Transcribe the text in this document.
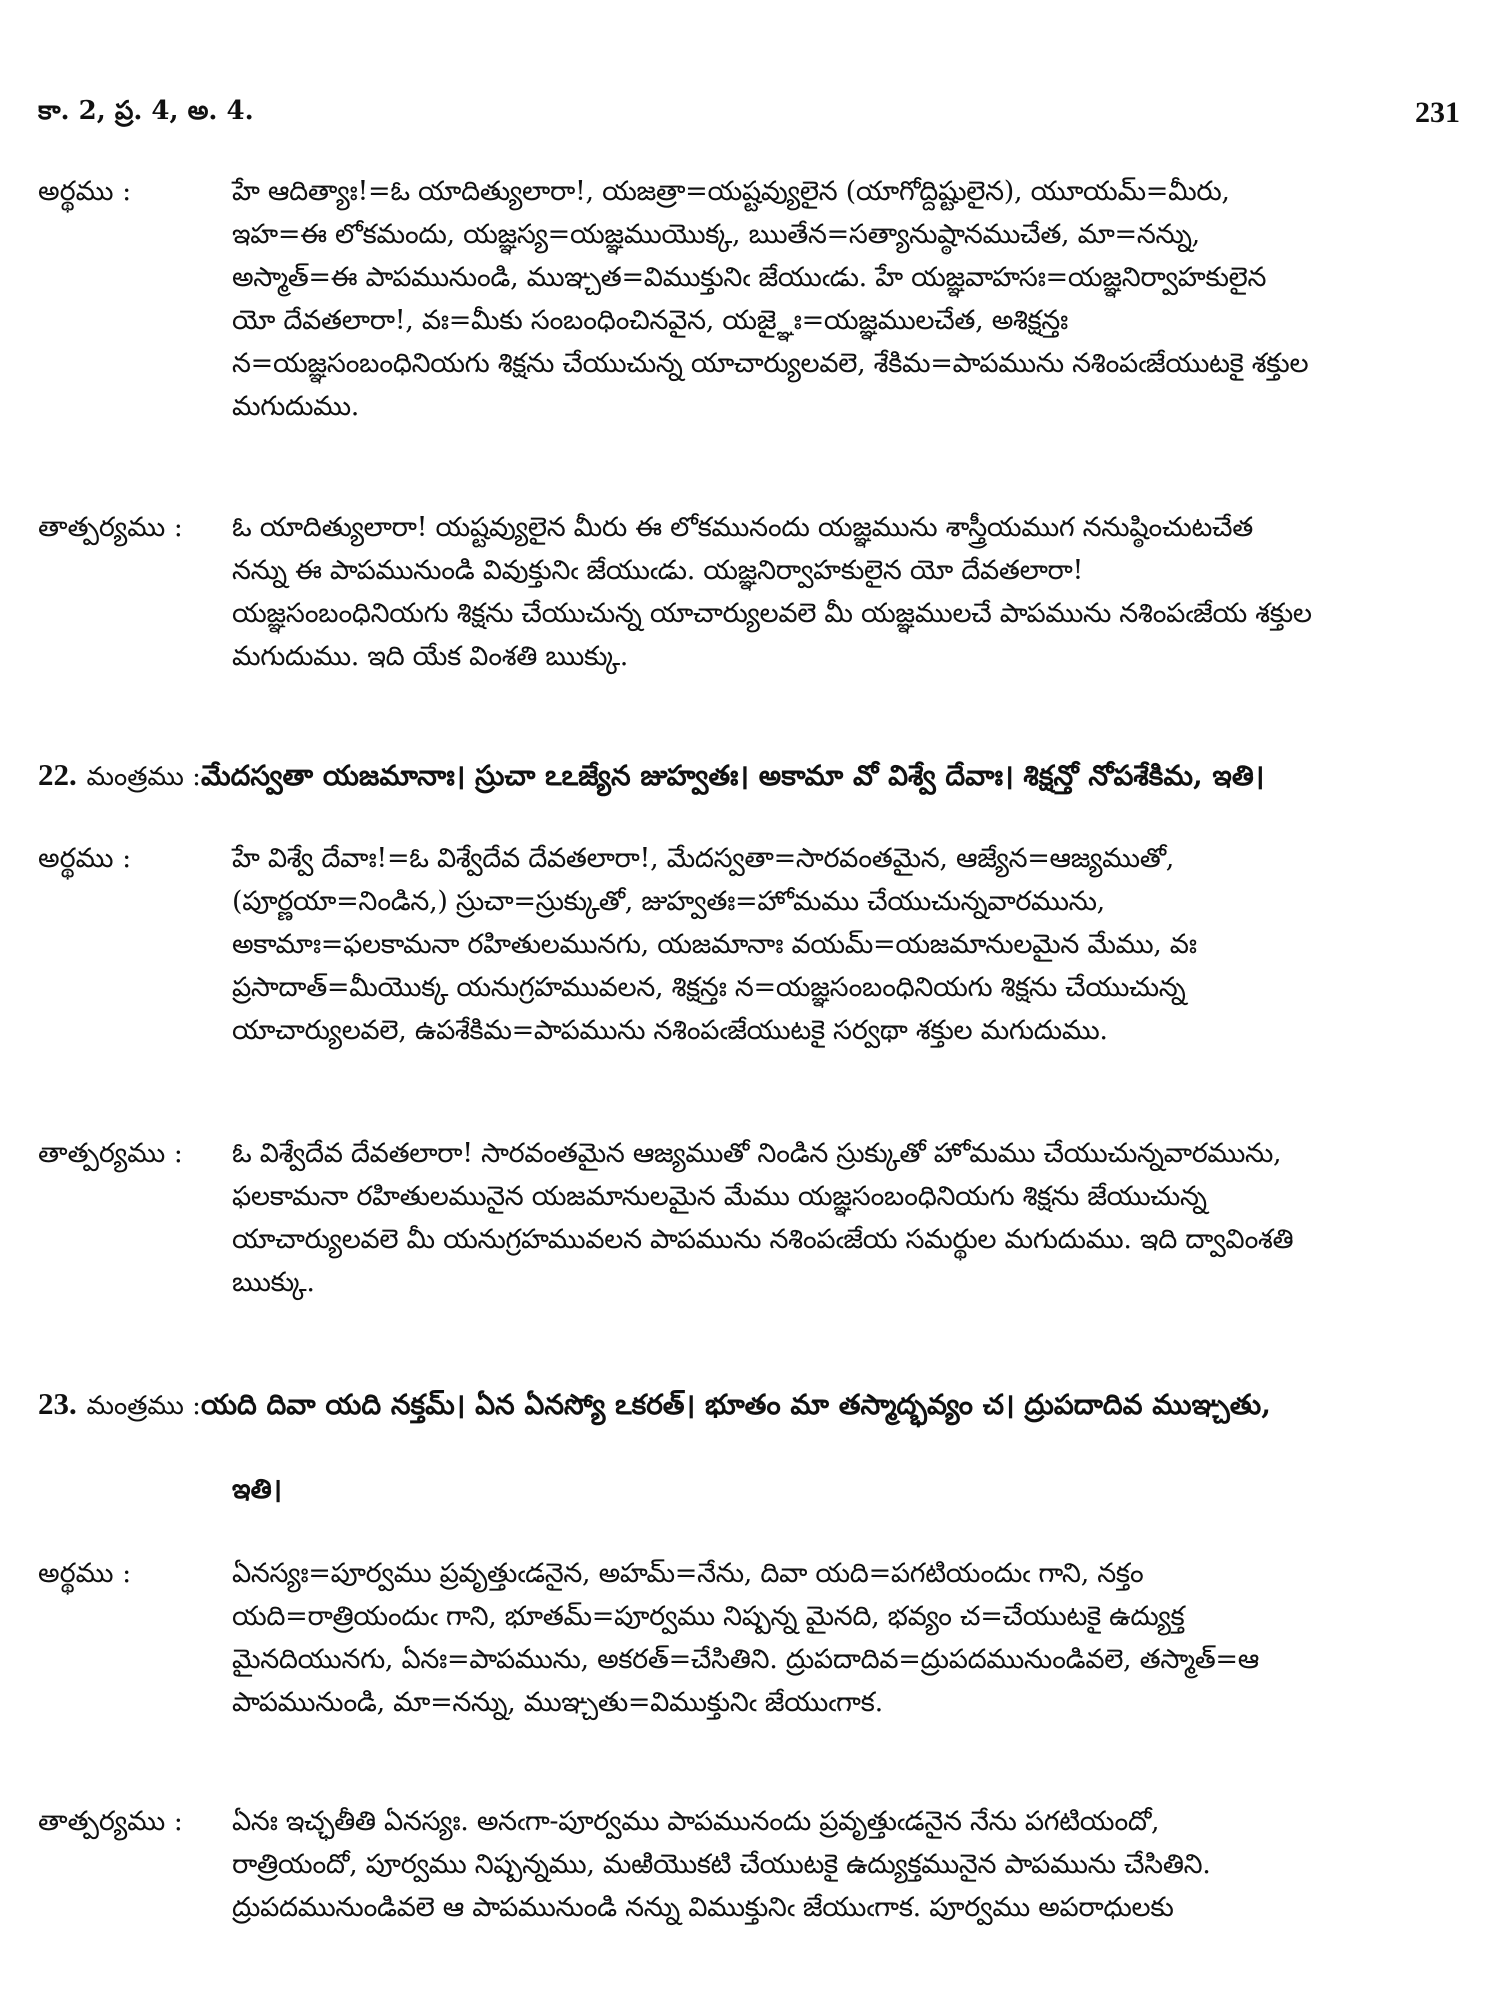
కా. 2, ప్ర. 4, అ. 4.	231
అర్థము :	హే ఆదిత్యాః!=ఓ యాదిత్యులారా!, యజత్రా=యష్టవ్యులైన (యాగోద్దిష్టులైన), యూయమ్=మీరు,

ఇహ=ఈ లోకమందు, యజ్ఞస్య=యజ్ఞముయొక్క, ఋతేన=సత్యానుష్ఠానముచేత, మా=నన్ను,

అస్మాత్=ఈ పాపమునుండి, ముఞ్చత=విముక్తునిఁ జేయుఁడు. హే యజ్ఞవాహసః=యజ్ఞనిర్వాహకులైన

యో దేవతలారా!, వః=మీకు సంబంధించినవైన, యజ్ఞైః=యజ్ఞములచేత, అశిక్షన్తః

న=యజ్ఞసంబంధినియగు శిక్షను చేయుచున్న యాచార్యులవలె, శేకిమ=పాపమును నశింపఁజేయుటకై శక్తుల

మగుదుము.

తాత్పర్యము :	ఓ యాదిత్యులారా! యష్టవ్యులైన మీరు ఈ లోకమునందు యజ్ఞమును శాస్త్రీయముగ ననుష్ఠించుటచేత

నన్ను ఈ పాపమునుండి వివుక్తునిఁ జేయుఁడు. యజ్ఞనిర్వాహకులైన యో దేవతలారా!

యజ్ఞసంబంధినియగు శిక్షను చేయుచున్న యాచార్యులవలె మీ యజ్ఞములచే పాపమును నశింపఁజేయ శక్తుల

మగుదుము. ఇది యేక వింశతి ఋక్కు.

22. మంత్రము :మేదస్వతా యజమానాః। స్రుచా ఽఽజ్యేన జుహ్వతః। అకామా వో విశ్వే దేవాః। శిక్షన్తో నోపశేకిమ, ఇతి।
అర్థము :	హే విశ్వే దేవాః!=ఓ విశ్వేదేవ దేవతలారా!, మేదస్వతా=సారవంతమైన, ఆజ్యేన=ఆజ్యముతో,

(పూర్ణయా=నిండిన,) స్రుచా=స్రుక్కుతో, జుహ్వతః=హోమము చేయుచున్నవారమును,

అకామాః=ఫలకామనా రహితులమునగు, యజమానాః వయమ్=యజమానులమైన మేము, వః

ప్రసాదాత్=మీయొక్క యనుగ్రహమువలన, శిక్షన్తః న=యజ్ఞసంబంధినియగు శిక్షను చేయుచున్న

యాచార్యులవలె, ఉపశేకిమ=పాపమును నశింపఁజేయుటకై సర్వథా శక్తుల మగుదుము.

తాత్పర్యము :	ఓ విశ్వేదేవ దేవతలారా! సారవంతమైన ఆజ్యముతో నిండిన స్రుక్కుతో హోమము చేయుచున్నవారమును,

ఫలకామనా రహితులమునైన యజమానులమైన మేము యజ్ఞసంబంధినియగు శిక్షను జేయుచున్న

యాచార్యులవలె మీ యనుగ్రహమువలన పాపమును నశింపఁజేయ సమర్థుల మగుదుము. ఇది ద్వావింశతి

ఋక్కు.

23. మంత్రము :యది దివా యది నక్తమ్। ఏన ఏనస్యో ఽకరత్। భూతం మా తస్మాద్భవ్యం చ। ద్రుపదాదివ ముఞ్చతు,
ఇతి।
అర్థము :	ఏనస్యః=పూర్వము ప్రవృత్తుఁడనైన, అహమ్=నేను, దివా యది=పగటియందుఁ గాని, నక్తం

యది=రాత్రియందుఁ గాని, భూతమ్=పూర్వము నిష్పన్న మైనది, భవ్యం చ=చేయుటకై ఉద్యుక్త

మైనదియునగు, ఏనః=పాపమును, అకరత్=చేసితిని. ద్రుపదాదివ=ద్రుపదమునుండివలె, తస్మాత్=ఆ

పాపమునుండి, మా=నన్ను, ముఞ్చతు=విముక్తునిఁ జేయుఁగాక.

తాత్పర్యము :	ఏనః ఇచ్ఛతీతి ఏనస్యః. అనఁగా-పూర్వము పాపమునందు ప్రవృత్తుఁడనైన నేను పగటియందో,

రాత్రియందో, పూర్వము నిష్పన్నము, మఱియొకటి చేయుటకై ఉద్యుక్తమునైన పాపమును చేసితిని.

ద్రుపదమునుండివలె ఆ పాపమునుండి నన్ను విముక్తునిఁ జేయుఁగాక. పూర్వము అపరాధులకు
